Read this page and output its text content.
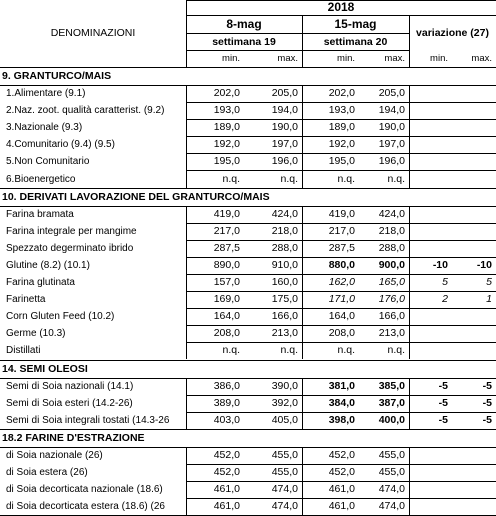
DENOMINAZIONI
2018
8-mag	15-mag
settimana 19	settimana 20
variazione (27)
min.	max.	min.	max.	min.	max.
9. GRANTURCO/MAIS
1.Alimentare (9.1)	202,0	205,0	202,0	205,0
2.Naz. zoot. qualità caratterist. (9.2)	193,0	194,0	193,0	194,0
3.Nazionale (9.3)	189,0	190,0	189,0	190,0
4.Comunitario (9.4) (9.5)	192,0	197,0	192,0	197,0
5.Non Comunitario	195,0	196,0	195,0	196,0
6.Bioenergetico	n.q.	n.q.	n.q.	n.q.
10. DERIVATI LAVORAZIONE DEL GRANTURCO/MAIS
Farina bramata	419,0	424,0	419,0	424,0
Farina integrale per mangime	217,0	218,0	217,0	218,0
Spezzato degerminato ibrido	287,5	288,0	287,5	288,0
Glutine (8.2) (10.1)	890,0	910,0	880,0	900,0	-10	-10
Farina glutinata	157,0	160,0	162,0	165,0	5	5
Farinetta	169,0	175,0	171,0	176,0	2	1
Corn Gluten Feed (10.2)	164,0	166,0	164,0	166,0
Germe (10.3)	208,0	213,0	208,0	213,0
Distillati	n.q.	n.q.	n.q.	n.q.
14. SEMI OLEOSI
Semi di Soia nazionali (14.1)	386,0	390,0	381,0	385,0	-5	-5
Semi di Soia esteri (14.2-26)	389,0	392,0	384,0	387,0	-5	-5
Semi di Soia integrali tostati (14.3-26	403,0	405,0	398,0	400,0	-5	-5
18.2 FARINE D'ESTRAZIONE
di Soia nazionale (26)	452,0	455,0	452,0	455,0
di Soia estera (26)	452,0	455,0	452,0	455,0
di Soia decorticata nazionale (18.6)	461,0	474,0	461,0	474,0
di Soia decorticata estera (18.6) (26	461,0	474,0	461,0	474,0
